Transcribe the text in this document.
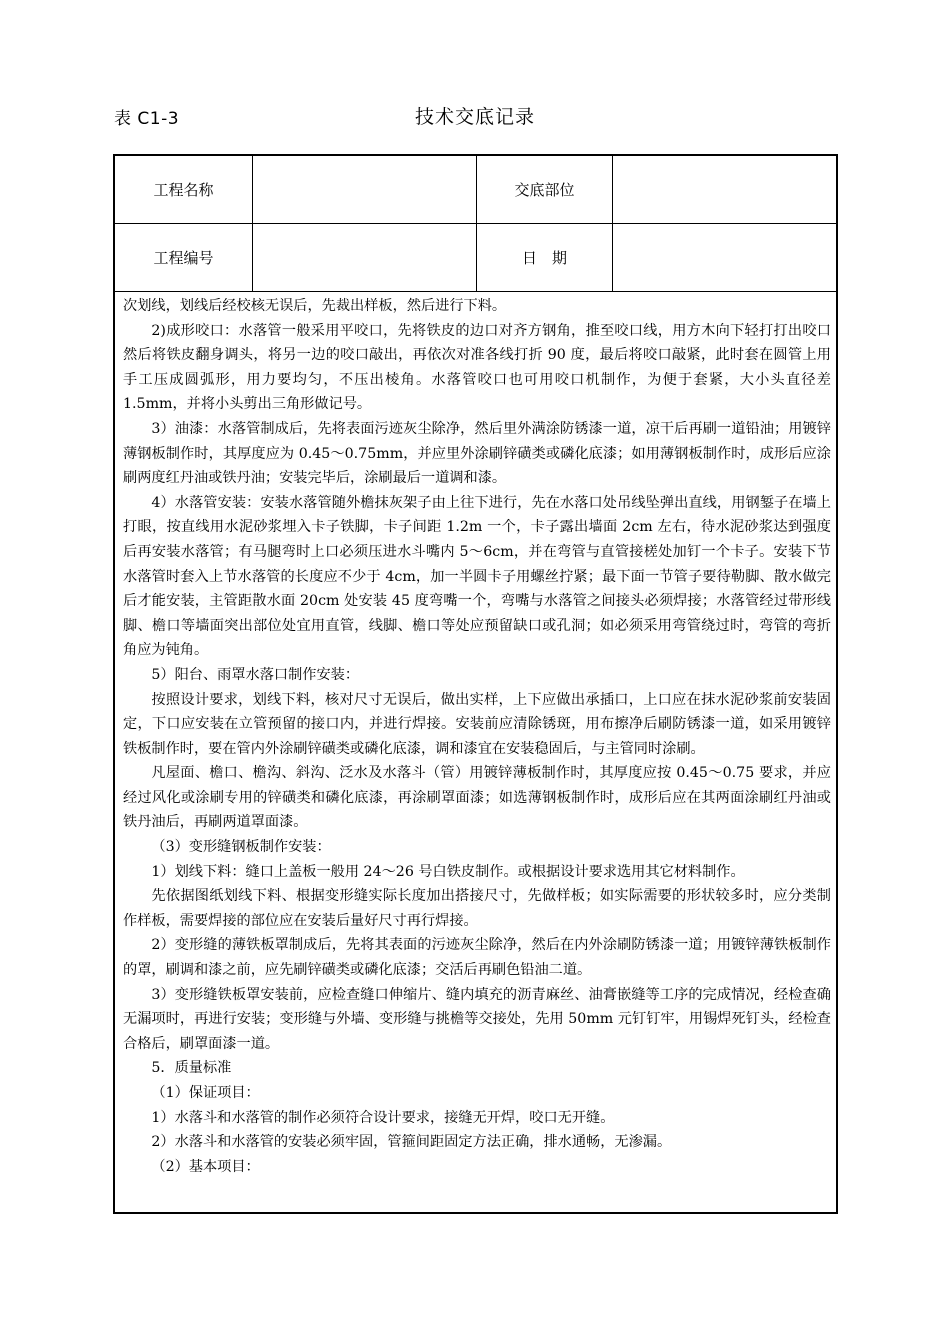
表 C1-3	技术交底记录
工程名称	交底部位
工程编号	日　期

次划线，划线后经校核无误后，先裁出样板，然后进行下料。

2)成形咬口：水落管一般采用平咬口，先将铁皮的边口对齐方钢角，推至咬口线，用方木向下轻打打出咬口然后将铁皮翻身调头，将另一边的咬口敲出，再依次对准各线打折 90 度，最后将咬口敲紧，此时套在圆管上用手工压成圆弧形，用力要均匀，不压出棱角。水落管咬口也可用咬口机制作，为便于套紧，大小头直径差 1.5mm，并将小头剪出三角形做记号。

3）油漆：水落管制成后，先将表面污迹灰尘除净，然后里外满涂防锈漆一道，凉干后再刷一道铅油；用镀锌薄钢板制作时，其厚度应为 0.45～0.75mm，并应里外涂刷锌磺类或磷化底漆；如用薄钢板制作时，成形后应涂刷两度红丹油或铁丹油；安装完毕后，涂刷最后一道调和漆。

4）水落管安装：安装水落管随外檐抹灰架子由上往下进行，先在水落口处吊线坠弹出直线，用钢錾子在墙上打眼，按直线用水泥砂浆埋入卡子铁脚，卡子间距 1.2m 一个，卡子露出墙面 2cm 左右，待水泥砂浆达到强度后再安装水落管；有马腿弯时上口必须压进水斗嘴内 5～6cm，并在弯管与直管接槎处加钉一个卡子。安装下节水落管时套入上节水落管的长度应不少于 4cm，加一半圆卡子用螺丝拧紧；最下面一节管子要待勒脚、散水做完后才能安装，主管距散水面 20cm 处安装 45 度弯嘴一个，弯嘴与水落管之间接头必须焊接；水落管经过带形线脚、檐口等墙面突出部位处宜用直管，线脚、檐口等处应预留缺口或孔洞；如必须采用弯管绕过时，弯管的弯折角应为钝角。

5）阳台、雨罩水落口制作安装：

按照设计要求，划线下料，核对尺寸无误后，做出实样，上下应做出承插口，上口应在抹水泥砂浆前安装固定，下口应安装在立管预留的接口内，并进行焊接。安装前应清除锈斑，用布擦净后刷防锈漆一道，如采用镀锌铁板制作时，要在管内外涂刷锌磺类或磷化底漆，调和漆宜在安装稳固后，与主管同时涂刷。

凡屋面、檐口、檐沟、斜沟、泛水及水落斗（管）用镀锌薄板制作时，其厚度应按 0.45～0.75 要求，并应经过风化或涂刷专用的锌磺类和磷化底漆，再涂刷罩面漆；如选薄钢板制作时，成形后应在其两面涂刷红丹油或铁丹油后，再刷两道罩面漆。

（3）变形缝钢板制作安装：

1）划线下料：缝口上盖板一般用 24～26 号白铁皮制作。或根据设计要求选用其它材料制作。

先依据图纸划线下料、根据变形缝实际长度加出搭接尺寸，先做样板；如实际需要的形状较多时，应分类制作样板，需要焊接的部位应在安装后量好尺寸再行焊接。

2）变形缝的薄铁板罩制成后，先将其表面的污迹灰尘除净，然后在内外涂刷防锈漆一道；用镀锌薄铁板制作的罩，刷调和漆之前，应先刷锌磺类或磷化底漆；交活后再刷色铅油二道。

3）变形缝铁板罩安装前，应检查缝口伸缩片、缝内填充的沥青麻丝、油膏嵌缝等工序的完成情况，经检查确无漏项时，再进行安装；变形缝与外墙、变形缝与挑檐等交接处，先用 50mm 元钉钉牢，用锡焊死钉头，经检查合格后，刷罩面漆一道。

5．质量标准

（1）保证项目：

1）水落斗和水落管的制作必须符合设计要求，接缝无开焊，咬口无开缝。

2）水落斗和水落管的安装必须牢固，管箍间距固定方法正确，排水通畅，无渗漏。

（2）基本项目：
